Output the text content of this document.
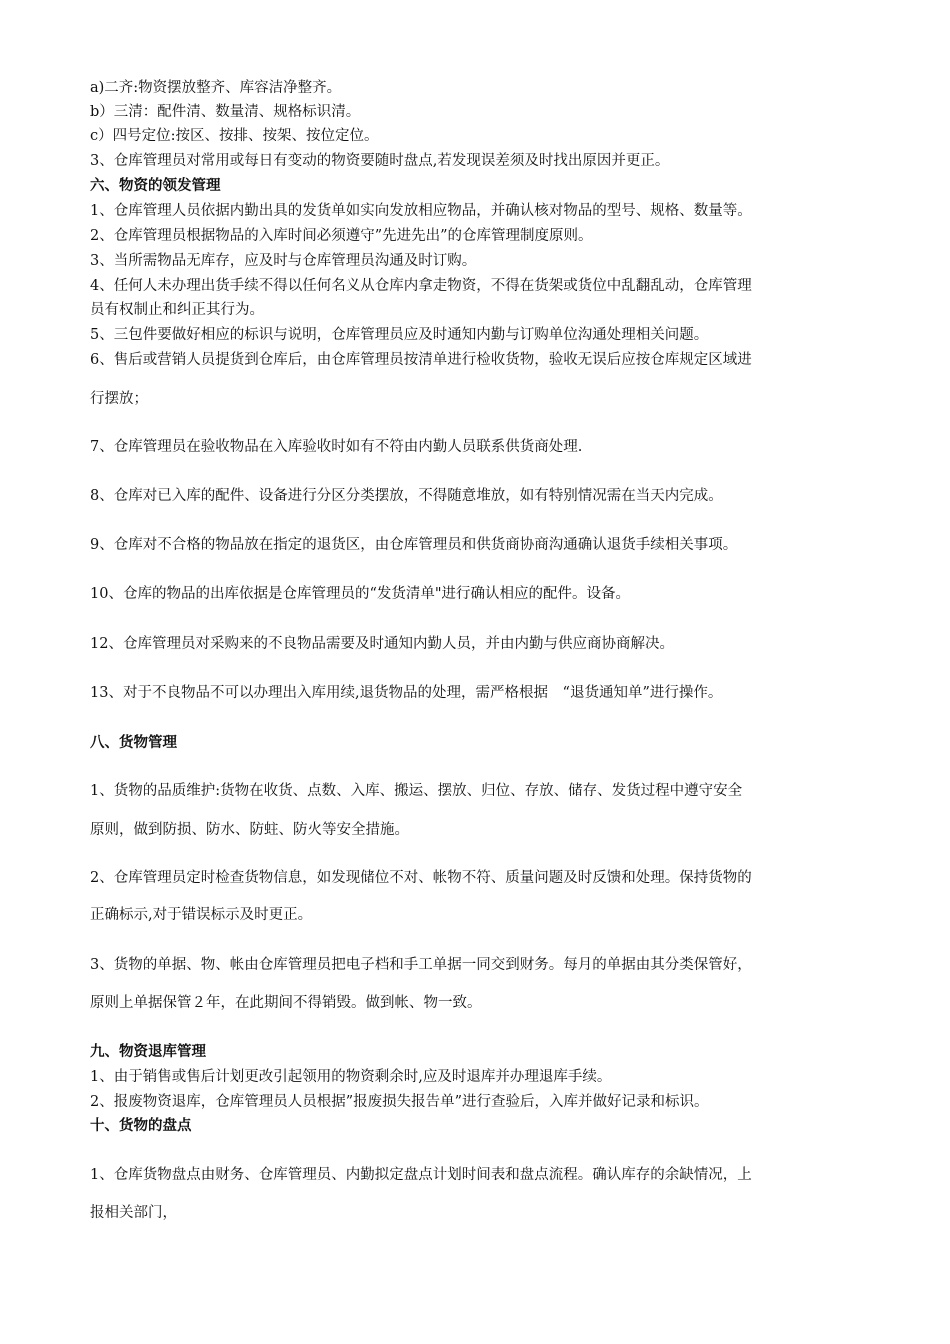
a)二齐:物资摆放整齐、库容洁净整齐。
b）三清：配件清、数量清、规格标识清。
c）四号定位:按区、按排、按架、按位定位。
3、仓库管理员对常用或每日有变动的物资要随时盘点,若发现误差须及时找出原因并更正。
六、物资的领发管理
1、仓库管理人员依据内勤出具的发货单如实向发放相应物品，并确认核对物品的型号、规格、数量等。
2、仓库管理员根据物品的入库时间必须遵守”先进先出”的仓库管理制度原则。
3、当所需物品无库存，应及时与仓库管理员沟通及时订购。
4、任何人未办理出货手续不得以任何名义从仓库内拿走物资，不得在货架或货位中乱翻乱动，仓库管理
员有权制止和纠正其行为。
5、三包件要做好相应的标识与说明，仓库管理员应及时通知内勤与订购单位沟通处理相关问题。
6、售后或营销人员提货到仓库后，由仓库管理员按清单进行检收货物，验收无误后应按仓库规定区域进
行摆放；
7、仓库管理员在验收物品在入库验收时如有不符由内勤人员联系供货商处理.
8、仓库对已入库的配件、设备进行分区分类摆放，不得随意堆放，如有特别情况需在当天内完成。
9、仓库对不合格的物品放在指定的退货区，由仓库管理员和供货商协商沟通确认退货手续相关事项。
10、仓库的物品的出库依据是仓库管理员的“发货清单"进行确认相应的配件。设备。
12、仓库管理员对采购来的不良物品需要及时通知内勤人员，并由内勤与供应商协商解决。
13、对于不良物品不可以办理出入库用续,退货物品的处理，需严格根据　“退货通知单”进行操作。
八、货物管理
1、货物的品质维护:货物在收货、点数、入库、搬运、摆放、归位、存放、储存、发货过程中遵守安全
原则，做到防损、防水、防蛀、防火等安全措施。
2、仓库管理员定时检查货物信息，如发现储位不对、帐物不符、质量问题及时反馈和处理。保持货物的
正确标示,对于错误标示及时更正。
3、货物的单据、物、帐由仓库管理员把电子档和手工单据一同交到财务。每月的单据由其分类保管好，
原则上单据保管２年，在此期间不得销毁。做到帐、物一致。
九、物资退库管理
1、由于销售或售后计划更改引起领用的物资剩余时,应及时退库并办理退库手续。
2、报废物资退库，仓库管理员人员根据”报废损失报告单”进行查验后，入库并做好记录和标识。
十、货物的盘点
1、仓库货物盘点由财务、仓库管理员、内勤拟定盘点计划时间表和盘点流程。确认库存的余缺情况，上
报相关部门，
